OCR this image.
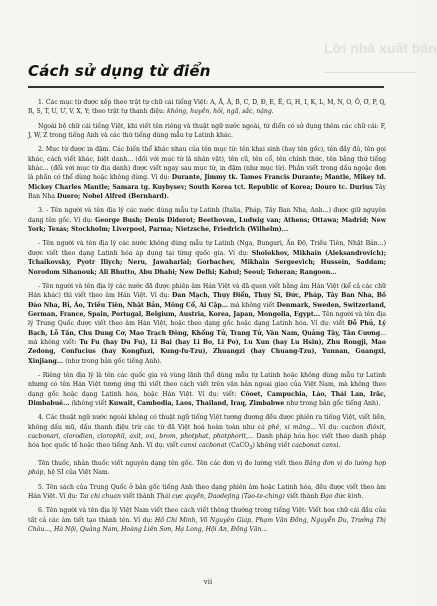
Lời nhà xuất bản
Cách sử dụng từ điển

1. Các mục từ được xếp theo trật tự chữ cái tiếng Việt: A, Ă, Â, B, C, D, Đ, E, Ê, G, H, I, K, L, M, N, O, Ô, Ơ, P, Q, R, S, T, U, Ư, V, X, Y; theo trật tự thanh điệu: không, huyền, hỏi, ngã, sắc, nặng.

Ngoài bộ chữ cái tiếng Việt, khi viết tên riêng và thuật ngữ nước ngoài, từ điển có sử dụng thêm các chữ cái: F, J, W, Z trong tiếng Anh và các thứ tiếng dùng mẫu tự Latinh khác.

2. Mục từ được in đậm. Các biến thể khác nhau của tên mục từ: tên khai sinh (hay tên gốc), tên đầy đủ, tên gọi khác, cách viết khác, biệt danh... (đối với mục từ là nhân vật), tên cũ, tên cổ, tên chính thức, tên bằng thứ tiếng khác... (đối với mục từ địa danh) được viết ngay sau mục từ, in đậm (như mục từ). Phần viết trong dấu ngoặc đơn là phần có thể dùng hoặc không dùng. Ví dụ: Durante, Jimmy tk. Tames Francis Durante; Mantle, Mikey tđ. Mickey Charles Mantle; Samara tg. Kuybysev; South Korea tct. Republic of Korea; Douro tc. Durius Tây Ban Nha Duero; Nobel Alfred (Bernhard).

3. - Tên người và tên địa lý các nước dùng mẫu tự Latinh (Italia, Pháp, Tây Ban Nha, Anh...) được giữ nguyên dạng tên gốc. Ví dụ: George Bush; Denis Diderot; Beethoven, Ludwig van; Athens; Ottawa; Madrid; New York; Texas; Stockholm; Liverpool, Parma; Nietzsche, Friedrich (Wilhelm)...

- Tên người và tên địa lý các nước không dùng mẫu tự Latinh (Nga, Bungari, Ấn Độ, Triều Tiên, Nhật Bản...) được viết theo dạng Latinh hóa áp dụng tại từng quốc gia. Ví dụ: Sholokhov, Mikhain (Aleksandrovich); Tchaikovsky, Pyotr Iliych; Neru, Jawaharlal; Gorbachev, Mikhain Sergeevich; Hussein, Saddam; Norodom Sihanouk; Ali Bhutto, Abu Dhabi; New Delhi; Kabul; Seoul; Teheran; Rangoon...

- Tên người và tên địa lý các nước đã được phiên âm Hán Việt và đã quen viết bằng âm Hán Việt (kể cả các chữ Hán khác) thì viết theo âm Hán Việt. Ví dụ: Đan Mạch, Thụy Điển, Thụy Sĩ, Đức, Pháp, Tây Ban Nha, Bồ Đào Nha, Bỉ, Áo, Triều Tiên, Nhật Bản, Mông Cổ, Ai Cập... mà không viết Denmark, Sweden, Switzerland, German, France, Spain, Portugal, Belgium, Austria, Korea, Japan, Mongolia, Egypt... Tên người và tên địa lý Trung Quốc được viết theo âm Hán Việt, hoặc theo dạng gốc hoặc dạng Latinh hóa. Ví dụ: viết Đỗ Phủ, Lý Bạch, Lỗ Tấn, Chu Dung Cơ, Mao Trạch Đông, Khổng Tử, Trang Tử, Vân Nam, Quảng Tây, Tân Cương... mà không viết: Tu Fu (hay Du Fu), Li Bai (hay Li Bo, Li Po), Lu Xun (hay Lu Hsin), Zhu Rongji, Mao Zedong, Confucius (hay Kongfuzi, Kung-fu-Tzu), Zhuangzi (hay Chuang-Tzu), Yunnan, Guangxi, Xinjiang... (như trong bản gốc tiếng Anh).

- Riêng tên địa lý là tên các quốc gia và vùng lãnh thổ dùng mẫu tự Latinh hoặc không dùng mẫu tự Latinh nhưng có tên Hán Việt tương ứng thì viết theo cách viết trên văn bản ngoại giao của Việt Nam, mà không theo dạng gốc hoặc dạng Latinh hóa, hoặc Hán Việt. Ví dụ: viết: Côoet, Campuchia, Lào, Thái Lan, Irăc, Dimbabuê... (không viết Kuwait, Cambodia, Laos, Thailand, Iraq, Zimbabwe như trong bản gốc tiếng Anh).

4. Các thuật ngữ nước ngoài không có thuật ngữ tiếng Việt tương đương đều được phiên ra tiếng Việt, viết liền, không dấu mũ, dấu thanh điệu trừ các từ đã Việt hoá hoàn toàn như cà phê, xi măng... Ví dụ: cacbon điôxit, cacbonari, clorođien, clorophil, axit, oxi, brom, photphat, photphorit,... Danh pháp hóa học viết theo danh pháp hóa học quốc tế hoặc theo tiếng Anh. Ví dụ: viết canxi cacbonat (CaCO$_3$) không viết cacbonat canxi.

Tên thuốc, nhân thuốc viết nguyên dạng tên gốc. Tên các đơn vị đo lường viết theo Bảng đơn vị đo lường hợp pháp, hệ SI của Việt Nam.

5. Tên sách của Trung Quốc ở bản gốc tiếng Anh theo dạng phiên âm hoặc Latinh hóa, đều được viết theo âm Hán Việt. Ví dụ: Tai chi chuan viết thành Thái cực quyền, Daodejing (Tao-te-ching) viết thành Đạo đức kinh.

6. Tên người và tên địa lý Việt Nam viết theo cách viết thông thường trong tiếng Việt: Viết hoa chữ cái đầu của tất cả các âm tiết tạo thành tên. Ví dụ: Hồ Chí Minh, Võ Nguyên Giáp, Phạm Văn Đồng, Nguyễn Du, Trưởng Thị Châu..., Hà Nội, Quảng Nam, Hoàng Liên Sơn, Hạ Long, Hội An, Đồng Văn...

vii
